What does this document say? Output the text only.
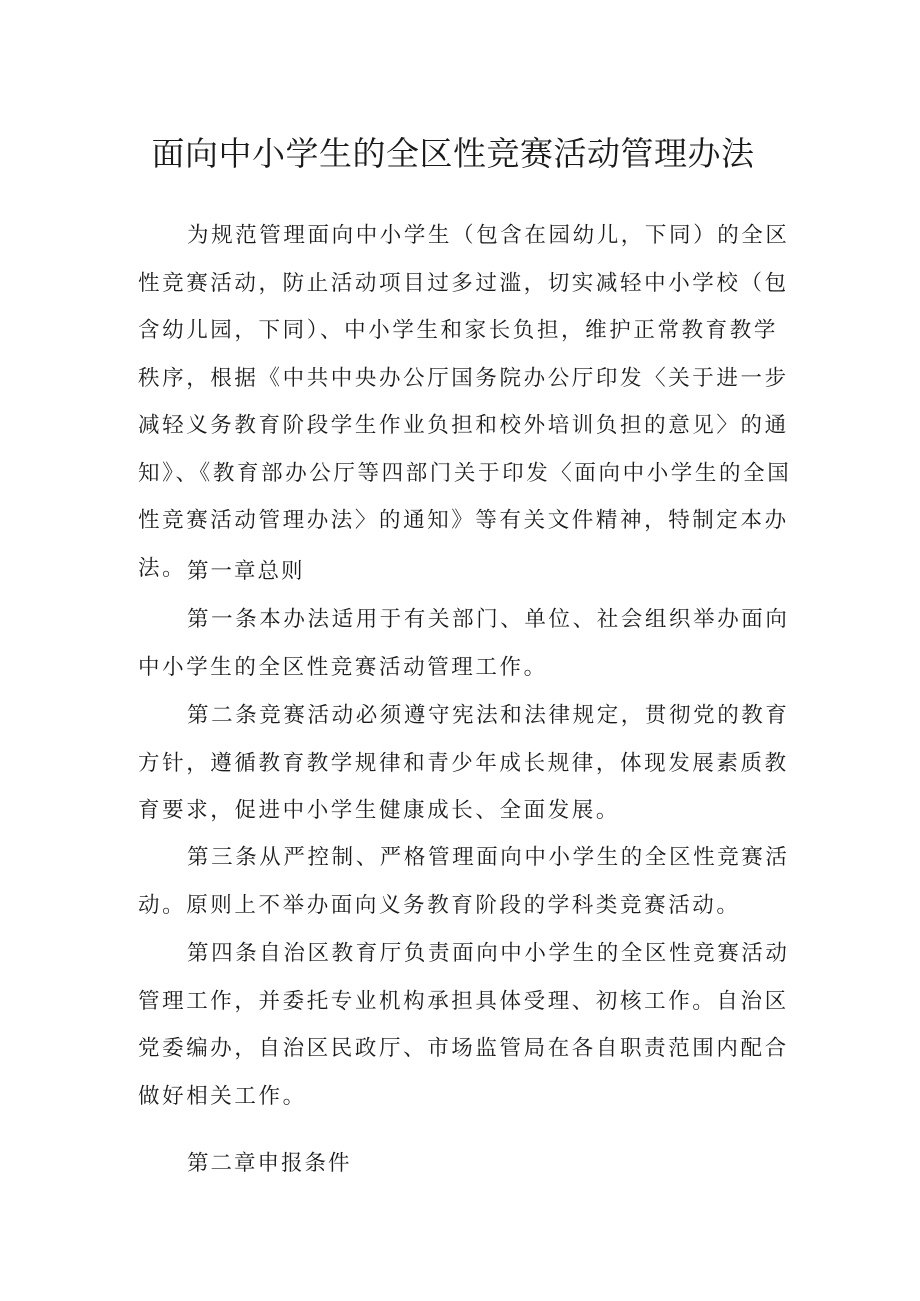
面向中小学生的全区性竞赛活动管理办法

为规范管理面向中小学生（包含在园幼儿，下同）的全区性竞赛活动，防止活动项目过多过滥，切实减轻中小学校（包含幼儿园，下同）、中小学生和家长负担，维护正常教育教学秩序，根据《中共中央办公厅国务院办公厅印发〈关于进一步减轻义务教育阶段学生作业负担和校外培训负担的意见〉的通知》、《教育部办公厅等四部门关于印发〈面向中小学生的全国性竞赛活动管理办法〉的通知》等有关文件精神，特制定本办法。 第一章总则

第一条本办法适用于有关部门、单位、社会组织举办面向中小学生的全区性竞赛活动管理工作。

第二条竞赛活动必须遵守宪法和法律规定，贯彻党的教育方针，遵循教育教学规律和青少年成长规律，体现发展素质教育要求，促进中小学生健康成长、全面发展。

第三条从严控制、严格管理面向中小学生的全区性竞赛活动。原则上不举办面向义务教育阶段的学科类竞赛活动。

第四条自治区教育厅负责面向中小学生的全区性竞赛活动管理工作，并委托专业机构承担具体受理、初核工作。自治区党委编办，自治区民政厅、市场监管局在各自职责范围内配合做好相关工作。

第二章申报条件
